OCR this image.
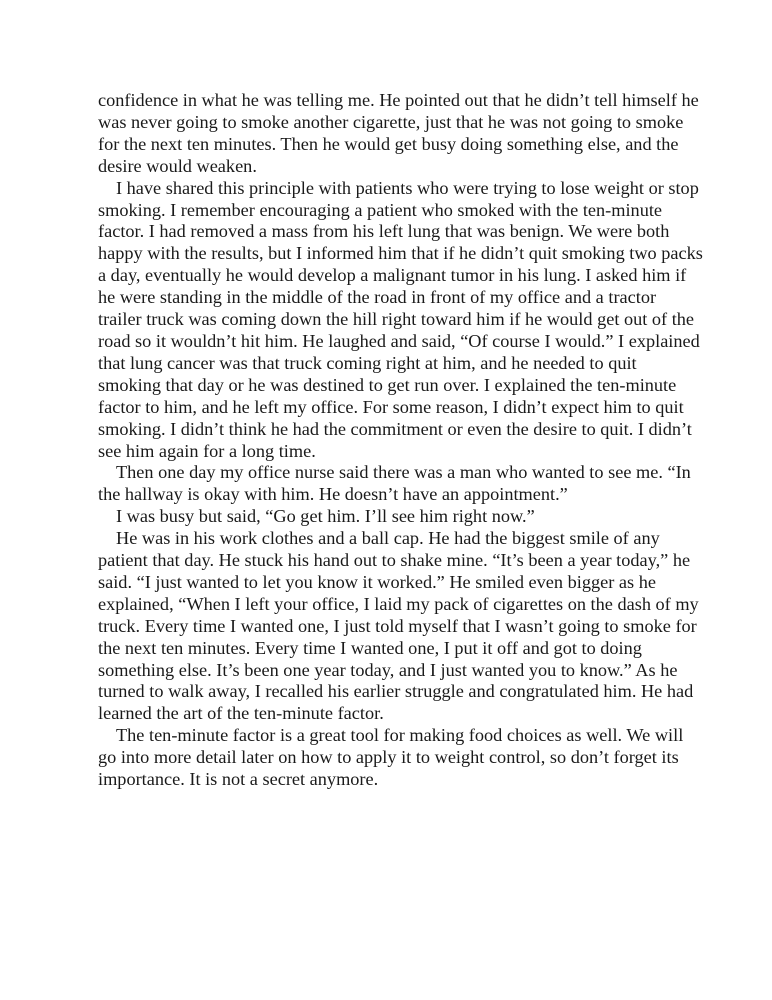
confidence in what he was telling me. He pointed out that he didn’t tell himself he was never going to smoke another cigarette, just that he was not going to smoke for the next ten minutes. Then he would get busy doing something else, and the desire would weaken.

I have shared this principle with patients who were trying to lose weight or stop smoking. I remember encouraging a patient who smoked with the ten-minute factor. I had removed a mass from his left lung that was benign. We were both happy with the results, but I informed him that if he didn’t quit smoking two packs a day, eventually he would develop a malignant tumor in his lung. I asked him if he were standing in the middle of the road in front of my office and a tractor trailer truck was coming down the hill right toward him if he would get out of the road so it wouldn’t hit him. He laughed and said, “Of course I would.” I explained that lung cancer was that truck coming right at him, and he needed to quit smoking that day or he was destined to get run over. I explained the ten-minute factor to him, and he left my office. For some reason, I didn’t expect him to quit smoking. I didn’t think he had the commitment or even the desire to quit. I didn’t see him again for a long time.

Then one day my office nurse said there was a man who wanted to see me. “In the hallway is okay with him. He doesn’t have an appointment.”

I was busy but said, “Go get him. I’ll see him right now.”

He was in his work clothes and a ball cap. He had the biggest smile of any patient that day. He stuck his hand out to shake mine. “It’s been a year today,” he said. “I just wanted to let you know it worked.” He smiled even bigger as he explained, “When I left your office, I laid my pack of cigarettes on the dash of my truck. Every time I wanted one, I just told myself that I wasn’t going to smoke for the next ten minutes. Every time I wanted one, I put it off and got to doing something else. It’s been one year today, and I just wanted you to know.” As he turned to walk away, I recalled his earlier struggle and congratulated him. He had learned the art of the ten-minute factor.

The ten-minute factor is a great tool for making food choices as well. We will go into more detail later on how to apply it to weight control, so don’t forget its importance. It is not a secret anymore.
